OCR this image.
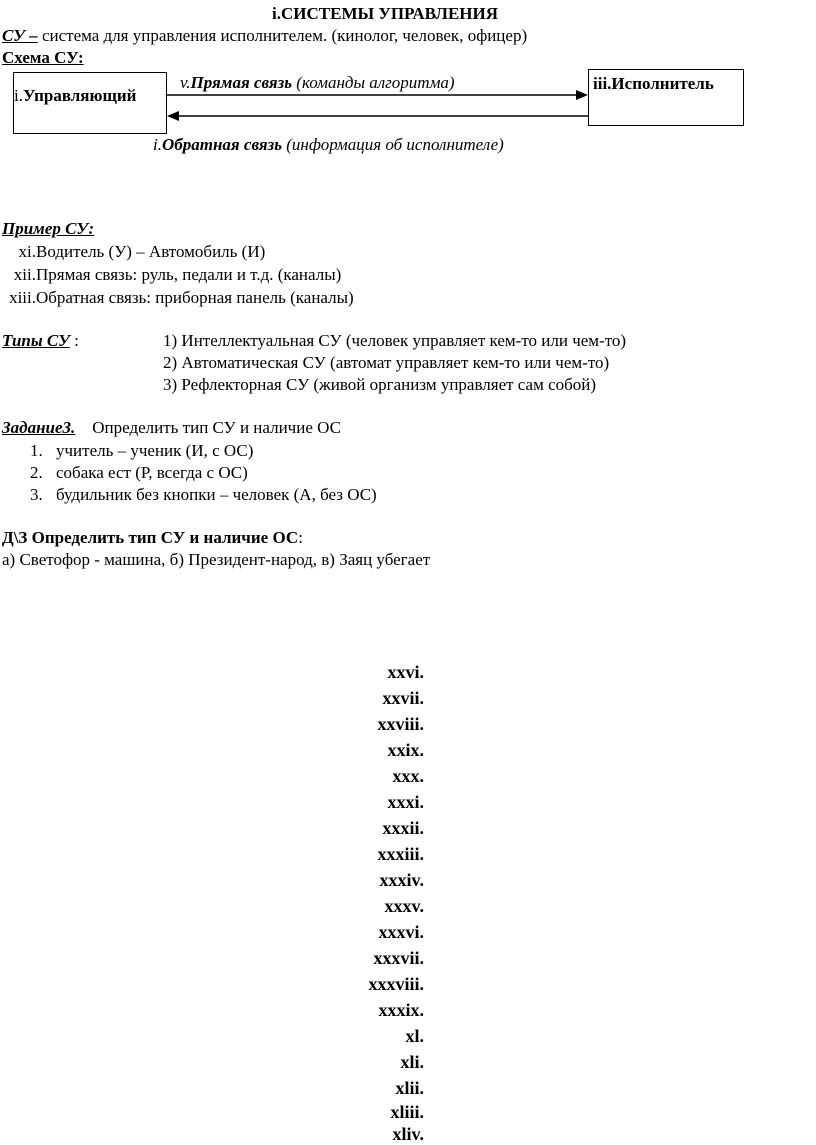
i.СИСТЕМЫ УПРАВЛЕНИЯ
СУ – система для управления исполнителем. (кинолог, человек, офицер)
Схема СУ:
i.Управляющий
iii.Исполнитель
v.Прямая связь (команды алгоритма)
i.Обратная связь (информация об исполнителе)
Пример СУ:
xi.Водитель (У) – Автомобиль (И)
xii.Прямая связь: руль, педали и т.д. (каналы)
xiii.Обратная связь: приборная панель (каналы)
Типы СУ :	1) Интеллектуальная СУ (человек управляет кем-то или чем-то)
2) Автоматическая СУ (автомат управляет кем-то или чем-то)
3) Рефлекторная СУ (живой организм управляет сам собой)
Задание3. Определить тип СУ и наличие ОС
1. учитель – ученик (И, с ОС)
2. собака ест (Р, всегда с ОС)
3. будильник без кнопки – человек (А, без ОС)
Д\З Определить тип СУ и наличие ОС:
а) Светофор - машина, б) Президент-народ, в) Заяц убегает
xxvi.
xxvii.
xxviii.
xxix.
xxx.
xxxi.
xxxii.
xxxiii.
xxxiv.
xxxv.
xxxvi.
xxxvii.
xxxviii.
xxxix.
xl.
xli.
xlii.
xliii.
xliv.
